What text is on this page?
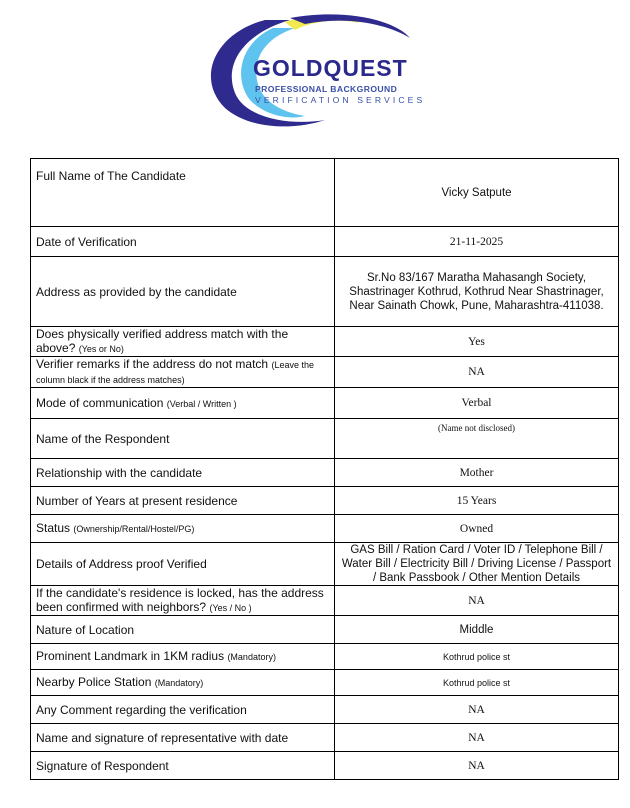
GOLDQUEST
PROFESSIONAL BACKGROUND
VERIFICATION SERVICES
Full Name of The Candidate	Vicky Satpute
Date of Verification	21-11-2025
Address as provided by the candidate	Sr.No 83/167 Maratha Mahasangh Society, Shastrinager Kothrud, Kothrud Near Shastrinager, Near Sainath Chowk, Pune, Maharashtra-411038.
Does physically verified address match with the above? (Yes or No)	Yes
Verifier remarks if the address do not match (Leave the column black if the address matches)	NA
Mode of communication (Verbal / Written )	Verbal
Name of the Respondent	(Name not disclosed)
Relationship with the candidate	Mother
Number of Years at present residence	15 Years
Status (Ownership/Rental/Hostel/PG)	Owned
Details of Address proof Verified	GAS Bill / Ration Card / Voter ID / Telephone Bill / Water Bill / Electricity Bill / Driving License / Passport / Bank Passbook / Other Mention Details
If the candidate's residence is locked, has the address been confirmed with neighbors? (Yes / No )	NA
Nature of Location	Middle
Prominent Landmark in 1KM radius (Mandatory)	Kothrud police st
Nearby Police Station (Mandatory)	Kothrud police st
Any Comment regarding the verification	NA
Name and signature of representative with date	NA
Signature of Respondent	NA
